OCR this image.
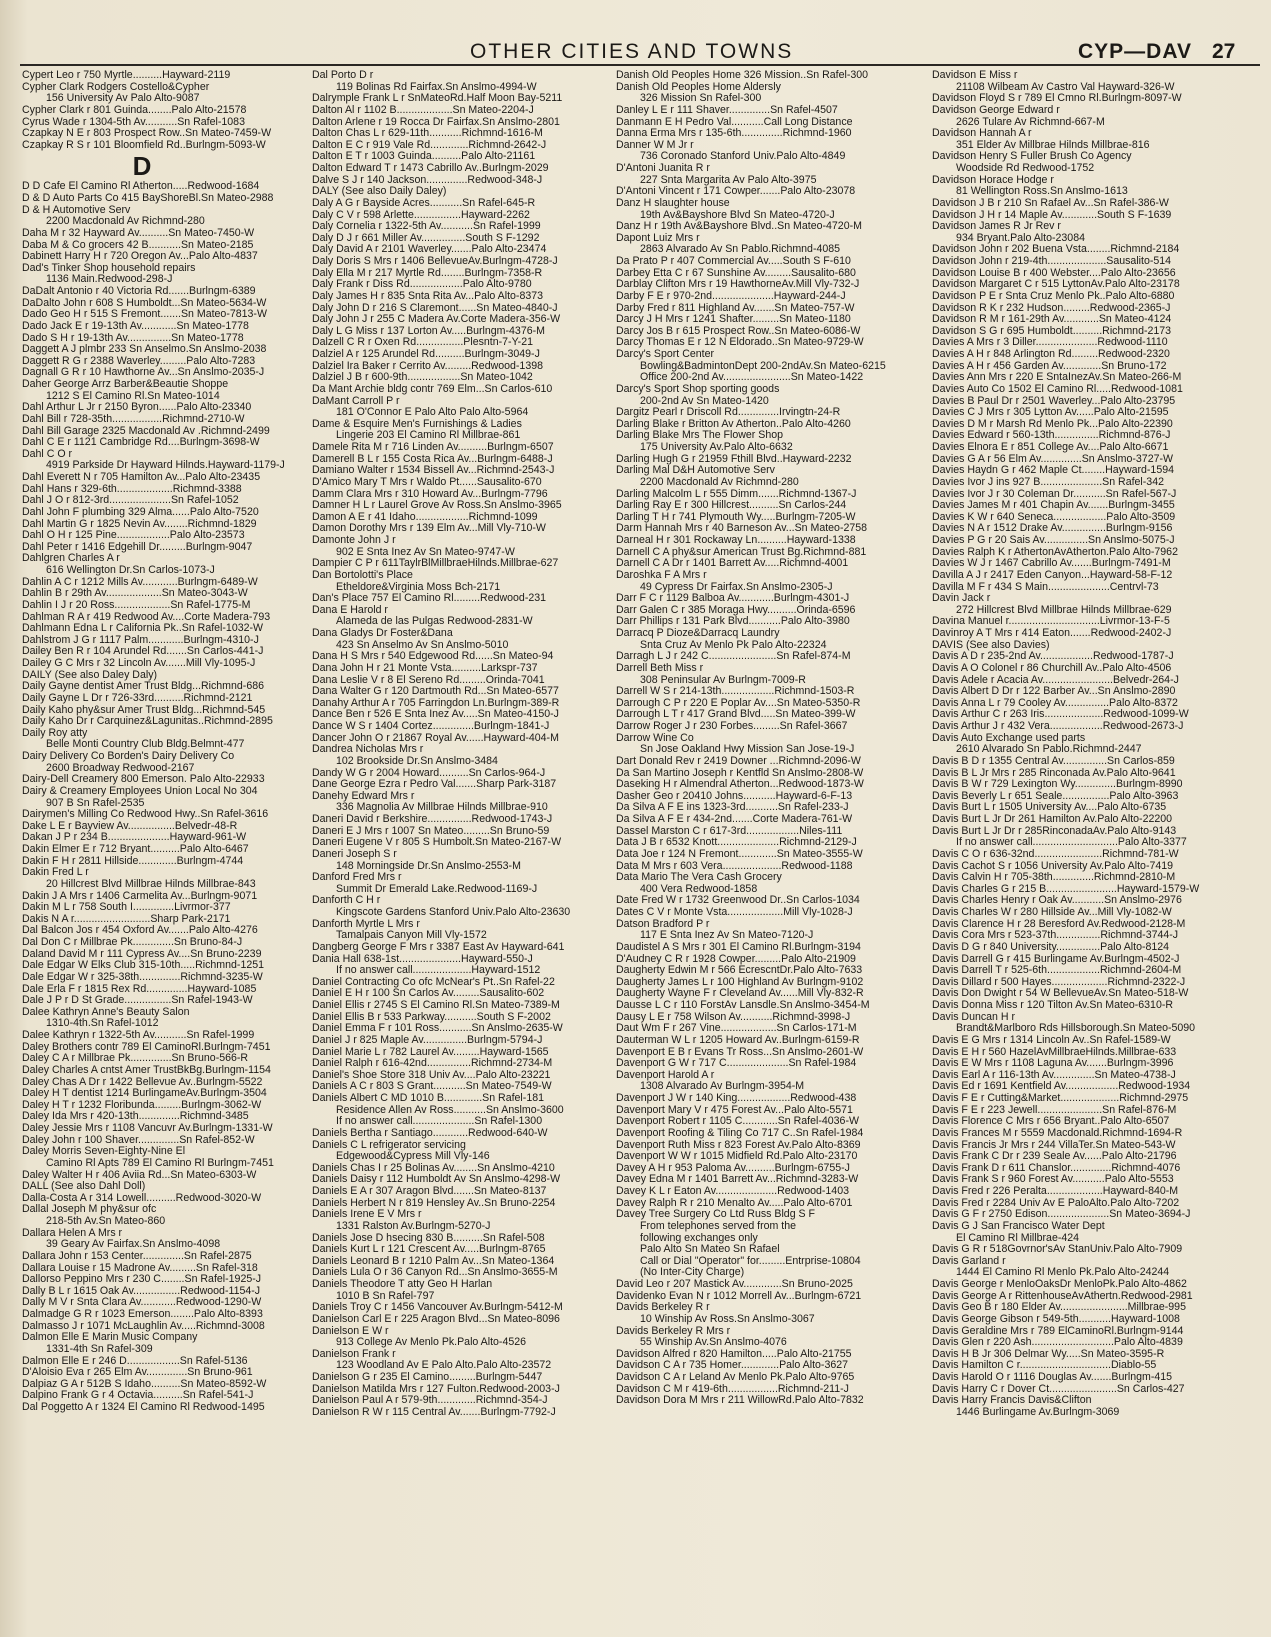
OTHER CITIES AND TOWNS	CYP—DAV 27
Cypert Leo r 750 Myrtle..........Hayward-2119
Cypher Clark Rodgers Costello&Cypher
156 University Av Palo Alto-9087
Cypher Clark r 801 Guinda........Palo Alto-21578
Cyrus Wade r 1304-5th Av...........Sn Rafel-1083
Czapkay N E r 803 Prospect Row..Sn Mateo-7459-W
Czapkay R S r 101 Bloomfield Rd..Burlngm-5093-W
D
D D Cafe El Camino Rl Atherton.....Redwood-1684
D & D Auto Parts Co 415 BayShoreBl.Sn Mateo-2988
D & H Automotive Serv
2200 Macdonald Av Richmnd-280
Daha M r 32 Hayward Av..........Sn Mateo-7450-W
Daba M & Co grocers 42 B...........Sn Mateo-2185
Dabinett Harry H r 720 Oregon Av...Palo Alto-4837
Dad's Tinker Shop household repairs
1136 Main.Redwood-298-J
DaDalt Antonio r 40 Victoria Rd.......Burlngm-6389
DaDalto John r 608 S Humboldt...Sn Mateo-5634-W
Dado Geo H r 515 S Fremont.......Sn Mateo-7813-W
Dado Jack E r 19-13th Av............Sn Mateo-1778
Dado S H r 19-13th Av...............Sn Mateo-1778
Daggett A J plmbr 233 Sn Anselmo.Sn Anslmo-2038
Daggett R G r 2388 Waverley.........Palo Alto-7283
Dagnall G R r 10 Hawthorne Av...Sn Anslmo-2035-J
Daher George Arrz Barber&Beautie Shoppe
1212 S El Camino Rl.Sn Mateo-1014
Dahl Arthur L Jr r 2150 Byron......Palo Alto-23340
Dahl Bill r 728-35th.................Richmnd-2710-W
Dahl Bill Garage 2325 Macdonald Av .Richmnd-2499
Dahl C E r 1121 Cambridge Rd....Burlngm-3698-W
Dahl C O r
4919 Parkside Dr Hayward Hilnds.Hayward-1179-J
Dahl Everett N r 705 Hamilton Av...Palo Alto-23435
Dahl Hans r 329-6th...................Richmnd-3388
Dahl J O r 812-3rd.....................Sn Rafel-1052
Dahl John F plumbing 329 Alma......Palo Alto-7520
Dahl Martin G r 1825 Nevin Av........Richmnd-1829
Dahl O H r 125 Pine..................Palo Alto-23573
Dahl Peter r 1416 Edgehill Dr.........Burlngm-9047
Dahlgren Charles A r
616 Wellington Dr.Sn Carlos-1073-J
Dahlin A C r 1212 Mills Av............Burlngm-6489-W
Dahlin B r 29th Av...................Sn Mateo-3043-W
Dahlin I J r 20 Ross...................Sn Rafel-1775-M
Dahlman R A r 419 Redwood Av....Corte Madera-793
Dahlmann Edna L r California Pk..Sn Rafel-1032-W
Dahlstrom J G r 1117 Palm............Burlngm-4310-J
Dailey Ben R r 104 Arundel Rd.......Sn Carlos-441-J
Dailey G C Mrs r 32 Lincoln Av.......Mill Vly-1095-J
DAILY (See also Daley Daly)
Daily Gayne dentist Amer Trust Bldg...Richmnd-686
Daily Gayne L Dr r 726-33rd..........Richmnd-2121
Daily Kaho phy&sur Amer Trust Bldg...Richmnd-545
Daily Kaho Dr r Carquinez&Lagunitas..Richmnd-2895
Daily Roy atty
Belle Monti Country Club Bldg.Belmnt-477
Dairy Delivery Co Borden's Dairy Delivery Co
2600 Broadway Redwood-2167
Dairy-Dell Creamery 800 Emerson. Palo Alto-22933
Dairy & Creamery Employees Union Local No 304
907 B Sn Rafel-2535
Dairymen's Milling Co Redwood Hwy..Sn Rafel-3616
Dake L E r Bayview Av................Belvedr-48-R
Dakan J P r 234 B.....................Hayward-961-W
Dakin Elmer E r 712 Bryant..........Palo Alto-6467
Dakin F H r 2811 Hillside.............Burlngm-4744
Dakin Fred L r
20 Hillcrest Blvd Millbrae Hilnds Millbrae-843
Dakin J A Mrs r 1406 Carmelita Av...Burlngm-9071
Dakin M L r 758 South I..............Livrmor-377
Dakis N A r..........................Sharp Park-2171
Dal Balcon Jos r 454 Oxford Av.......Palo Alto-4276
Dal Don C r Millbrae Pk..............Sn Bruno-84-J
Daland David M r 111 Cypress Av....Sn Bruno-2239
Dale Edgar W Elks Club 315-10th.....Richmnd-1251
Dale Edgar W r 325-38th..............Richmnd-3235-W
Dale Erla F r 1815 Rex Rd..............Hayward-1085
Dale J P r D St Grade................Sn Rafel-1943-W
Dalee Kathryn Anne's Beauty Salon
1310-4th.Sn Rafel-1012
Dalee Kathryn r 1322-5th Av...........Sn Rafel-1999
Daley Brothers contr 789 El CaminoRl.Burlngm-7451
Daley C A r Millbrae Pk..............Sn Bruno-566-R
Daley Charles A cntst Amer TrustBkBg.Burlngm-1154
Daley Chas A Dr r 1422 Bellevue Av..Burlngm-5522
Daley H T dentist 1214 BurlingameAv.Burlngm-3504
Daley H T r 1232 Floribunda.........Burlngm-3062-W
Daley Ida Mrs r 420-13th..............Richmnd-3485
Daley Jessie Mrs r 1108 Vancuvr Av.Burlngm-1331-W
Daley John r 100 Shaver..............Sn Rafel-852-W
Daley Morris Seven-Eighty-Nine El
Camino Rl Apts 789 El Camino Rl Burlngm-7451
Daley Walter H r 406 Aviia Rd...Sn Mateo-6303-W
DALL (See also Dahl Doll)
Dalla-Costa A r 314 Lowell..........Redwood-3020-W
Dallal Joseph M phy&sur ofc
218-5th Av.Sn Mateo-860
Dallara Helen A Mrs r
39 Geary Av Fairfax.Sn Anslmo-4098
Dallara John r 153 Center..............Sn Rafel-2875
Dallara Louise r 15 Madrone Av.........Sn Rafel-318
Dallorso Peppino Mrs r 230 C........Sn Rafel-1925-J
Dally B L r 1615 Oak Av................Redwood-1154-J
Dally M V r Snta Clara Av............Redwood-1290-W
Dalmadge G R r 1023 Emerson........Palo Alto-8393
Dalmasso J r 1071 McLaughlin Av.....Richmnd-3008
Dalmon Elle E Marin Music Company
1331-4th Sn Rafel-309
Dalmon Elle E r 246 D..................Sn Rafel-5136
D'Aloisio Eva r 265 Elm Av..............Sn Bruno-961
Dalpiaz G A r 512B S Idaho..........Sn Mateo-8592-W
Dalpino Frank G r 4 Octavia..........Sn Rafel-541-J
Dal Poggetto A r 1324 El Camino Rl Redwood-1495
Dal Porto D r
119 Bolinas Rd Fairfax.Sn Anslmo-4994-W
Dalrymple Frank L r SnMateoRd.Half Moon Bay-5211
Dalton Al r 1102 B...................Sn Mateo-2204-J
Dalton Arlene r 19 Rocca Dr Fairfax.Sn Anslmo-2801
Dalton Chas L r 629-11th...........Richmnd-1616-M
Dalton E C r 919 Vale Rd.............Richmnd-2642-J
Dalton E T r 1003 Guinda..........Palo Alto-21161
Dalton Edward T r 1473 Cabrillo Av..Burlngm-2029
Dalve S J r 140 Jackson..............Redwood-348-J
DALY (See also Daily Daley)
Daly A G r Bayside Acres...........Sn Rafel-645-R
Daly C V r 598 Arlette................Hayward-2262
Daly Cornelia r 1322-5th Av...........Sn Rafel-1999
Daly D J r 661 Miller Av...............South S F-1292
Daly David A r 2101 Waverley.......Palo Alto-23474
Daly Doris S Mrs r 1406 BellevueAv.Burlngm-4728-J
Daly Ella M r 217 Myrtle Rd........Burlngm-7358-R
Daly Frank r Diss Rd..................Palo Alto-9780
Daly James H r 835 Snta Rita Av...Palo Alto-8373
Daly John D r 216 S Claremont......Sn Mateo-4840-J
Daly John J r 255 C Madera Av.Corte Madera-356-W
Daly L G Miss r 137 Lorton Av.....Burlngm-4376-M
Dalzell C R r Oxen Rd................Plesntn-7-Y-21
Dalziel A r 125 Arundel Rd..........Burlngm-3049-J
Dalziel Ira Baker r Cerrito Av.........Redwood-1398
Dalziel J B r 600-9th..................Sn Mateo-1042
Da Mant Archie bldg contr 769 Elm...Sn Carlos-610
DaMant Carroll P r
181 O'Connor E Palo Alto Palo Alto-5964
Dame & Esquire Men's Furnishings & Ladies
Lingerie 203 El Camino Rl Millbrae-861
Damele Rita M r 716 Linden Av..........Burlngm-6507
Damerell B L r 155 Costa Rica Av...Burlngm-6488-J
Damiano Walter r 1534 Bissell Av...Richmnd-2543-J
D'Amico Mary T Mrs r Waldo Pt......Sausalito-670
Damm Clara Mrs r 310 Howard Av...Burlngm-7796
Damner H L r Laurel Grove Av Ross.Sn Anslmo-3965
Damon A E r 41 Idaho..................Richmnd-1099
Damon Dorothy Mrs r 139 Elm Av...Mill Vly-710-W
Damonte John J r
902 E Snta Inez Av Sn Mateo-9747-W
Dampier C P r 611TaylrBlMillbraeHilnds.Millbrae-627
Dan Bortolotti's Place
Etheldore&Virginia Moss Bch-2171
Dan's Place 757 El Camino Rl.........Redwood-231
Dana E Harold r
Alameda de las Pulgas Redwood-2831-W
Dana Gladys Dr Foster&Dana
423 Sn Anselmo Av Sn Anslmo-5010
Dana H S Mrs r 540 Edgewood Rd......Sn Mateo-94
Dana John H r 21 Monte Vsta..........Larkspr-737
Dana Leslie V r 8 El Sereno Rd.........Orinda-7041
Dana Walter G r 120 Dartmouth Rd...Sn Mateo-6577
Danahy Arthur A r 705 Farringdon Ln.Burlngm-389-R
Dance Ben r 526 E Snta Inez Av.....Sn Mateo-4150-J
Dance W S r 1404 Cortez..............Burlngm-1841-J
Dancer John O r 21867 Royal Av......Hayward-404-M
Dandrea Nicholas Mrs r
102 Brookside Dr.Sn Anslmo-3484
Dandy W G r 2004 Howard..........Sn Carlos-964-J
Dane George Ezra r Pedro Val.......Sharp Park-3187
Danehy Edward Mrs r
336 Magnolia Av Millbrae Hilnds Millbrae-910
Daneri David r Berkshire...............Redwood-1743-J
Daneri E J Mrs r 1007 Sn Mateo.........Sn Bruno-59
Daneri Eugene V r 805 S Humbolt.Sn Mateo-2167-W
Daneri Joseph S r
148 Morningside Dr.Sn Anslmo-2553-M
Danford Fred Mrs r
Summit Dr Emerald Lake.Redwood-1169-J
Danforth C H r
Kingscote Gardens Stanford Univ.Palo Alto-23630
Danforth Myrtle L Mrs r
Tamalpais Canyon Mill Vly-1572
Dangberg George F Mrs r 3387 East Av Hayward-641
Dania Hall 638-1st.....................Hayward-550-J
If no answer call....................Hayward-1512
Daniel Contracting Co ofc McNear's Pt..Sn Rafel-22
Daniel E H r 100 Sn Carlos Av.........Sausalito-602
Daniel Ellis r 2745 S El Camino Rl.Sn Mateo-7389-M
Daniel Ellis B r 533 Parkway...........South S F-2002
Daniel Emma F r 101 Ross...........Sn Anslmo-2635-W
Daniel J r 825 Maple Av...............Burlngm-5794-J
Daniel Marie L r 782 Laurel Av.........Hayward-1565
Daniel Ralph r 616-42nd...............Richmnd-2734-M
Daniel's Shoe Store 318 Univ Av....Palo Alto-23221
Daniels A C r 803 S Grant...........Sn Mateo-7549-W
Daniels Albert C MD 1010 B.............Sn Rafel-181
Residence Allen Av Ross...........Sn Anslmo-3600
If no answer call.....................Sn Rafel-1300
Daniels Bertha r Santiago............Redwood-640-W
Daniels C L refrigerator servicing
Edgewood&Cypress Mill Vly-146
Daniels Chas I r 25 Bolinas Av........Sn Anslmo-4210
Daniels Daisy r 112 Humboldt Av Sn Anslmo-4298-W
Daniels E A r 307 Aragon Blvd.......Sn Mateo-8137
Daniels Herbert N r 819 Hensley Av..Sn Bruno-2254
Daniels Irene E V Mrs r
1331 Ralston Av.Burlngm-5270-J
Daniels Jose D hsecing 830 B..........Sn Rafel-508
Daniels Kurt L r 121 Crescent Av.....Burlngm-8765
Daniels Leonard B r 1210 Palm Av...Sn Mateo-1364
Daniels Lula O r 36 Canyon Rd...Sn Anslmo-3655-M
Daniels Theodore T atty Geo H Harlan
1010 B Sn Rafel-797
Daniels Troy C r 1456 Vancouver Av.Burlngm-5412-M
Danielson Carl E r 225 Aragon Blvd...Sn Mateo-8096
Danielson E W r
913 College Av Menlo Pk.Palo Alto-4526
Danielson Frank r
123 Woodland Av E Palo Alto.Palo Alto-23572
Danielson G r 235 El Camino.........Burlngm-5447
Danielson Matilda Mrs r 127 Fulton.Redwood-2003-J
Danielson Paul A r 579-9th.............Richmnd-354-J
Danielson R W r 115 Central Av.......Burlngm-7792-J
Danish Old Peoples Home 326 Mission..Sn Rafel-300
Danish Old Peoples Home Aldersly
326 Mission Sn Rafel-300
Danley L E r 111 Shaver..............Sn Rafel-4507
Danmann E H Pedro Val...........Call Long Distance
Danna Erma Mrs r 135-6th..............Richmnd-1960
Danner W M Jr r
736 Coronado Stanford Univ.Palo Alto-4849
D'Antoni Juanita R r
227 Snta Margarita Av Palo Alto-3975
D'Antoni Vincent r 171 Cowper.......Palo Alto-23078
Danz H slaughter house
19th Av&Bayshore Blvd Sn Mateo-4720-J
Danz H r 19th Av&Bayshore Blvd..Sn Mateo-4720-M
Dapont Luiz Mrs r
2863 Alvarado Av Sn Pablo.Richmnd-4085
Da Prato P r 407 Commercial Av.....South S F-610
Darbey Etta C r 67 Sunshine Av.........Sausalito-680
Darblay Clifton Mrs r 19 HawthorneAv.Mill Vly-732-J
Darby F E r 970-2nd.....................Hayward-244-J
Darby Fred r 811 Highland Av.......Sn Mateo-757-W
Darcy J H Mrs r 1241 Shafter.........Sn Mateo-1180
Darcy Jos B r 615 Prospect Row..Sn Mateo-6086-W
Darcy Thomas E r 12 N Eldorado..Sn Mateo-9729-W
Darcy's Sport Center
Bowling&BadmintonDept 200-2ndAv.Sn Mateo-6215
Office 200-2nd Av.......................Sn Mateo-1422
Darcy's Sport Shop sporting goods
200-2nd Av Sn Mateo-1420
Dargitz Pearl r Driscoll Rd..............Irvingtn-24-R
Darling Blake r Britton Av Atherton..Palo Alto-4260
Darling Blake Mrs The Flower Shop
175 University Av.Palo Alto-6632
Darling Hugh G r 21959 Fthill Blvd..Hayward-2232
Darling Mal D&H Automotive Serv
2200 Macdonald Av Richmnd-280
Darling Malcolm L r 555 Dimm.......Richmnd-1367-J
Darling Ray E r 300 Hillcrest..........Sn Carlos-244
Darling T H r 741 Plymouth Wy.....Burlngm-7205-W
Darm Hannah Mrs r 40 Barneson Av...Sn Mateo-2758
Darneal H r 301 Rockaway Ln..........Hayward-1338
Darnell C A phy&sur American Trust Bg.Richmnd-881
Darnell C A Dr r 1401 Barrett Av.....Richmnd-4001
Daroshka F A Mrs r
49 Cypress Dr Fairfax.Sn Anslmo-2305-J
Darr F C r 1129 Balboa Av............Burlngm-4301-J
Darr Galen C r 385 Moraga Hwy..........Orinda-6596
Darr Phillips r 131 Park Blvd...........Palo Alto-3980
Darracq P Dioze&Darracq Laundry
Snta Cruz Av Menlo Pk Palo Alto-22324
Darragh L J r 242 C.......................Sn Rafel-874-M
Darrell Beth Miss r
308 Peninsular Av Burlngm-7009-R
Darrell W S r 214-13th..................Richmnd-1503-R
Darrough C P r 220 E Poplar Av....Sn Mateo-5350-R
Darrough L T r 417 Grand Blvd.....Sn Mateo-399-W
Darrow Roger J r 230 Forbes.........Sn Rafel-3667
Darrow Wine Co
Sn Jose Oakland Hwy Mission San Jose-19-J
Dart Donald Rev r 2419 Downer ...Richmnd-2096-W
Da San Martino Joseph r Kentfld Sn Anslmo-2808-W
Daseking H r Almendral Atherton...Redwood-1873-W
Dasher Geo r 20410 Johns...........Hayward-6-F-13
Da Silva A F E ins 1323-3rd...........Sn Rafel-233-J
Da Silva A F E r 434-2nd.......Corte Madera-761-W
Dassel Marston C r 617-3rd..................Niles-111
Data J B r 6532 Knott.....................Richmnd-2129-J
Data Joe r 124 N Fremont.............Sn Mateo-3555-W
Data M Mrs r 603 Vera....................Redwood-1188
Data Mario The Vera Cash Grocery
400 Vera Redwood-1858
Date Fred W r 1732 Greenwood Dr..Sn Carlos-1034
Dates C V r Monte Vsta...................Mill Vly-1028-J
Datson Bradford P r
117 E Snta Inez Av Sn Mateo-7120-J
Daudistel A S Mrs r 301 El Camino Rl.Burlngm-3194
D'Audney C R r 1928 Cowper.........Palo Alto-21909
Daugherty Edwin M r 566 EcrescntDr.Palo Alto-7633
Daugherty James L r 100 Highland Av Burlngm-9102
Daugherty Wayne F r Cleveland Av......Mill Vly-832-R
Dausse L C r 110 ForstAv Lansdle.Sn Anslmo-3454-M
Dausy L E r 758 Wilson Av...........Richmnd-3998-J
Daut Wm F r 267 Vine...................Sn Carlos-171-M
Dauterman W L r 1205 Howard Av..Burlngm-6159-R
Davenport E B r Evans Tr Ross...Sn Anslmo-2601-W
Davenport G W r 717 C.....................Sn Rafel-1984
Davenport Harold A r
1308 Alvarado Av Burlngm-3954-M
Davenport J W r 140 King..................Redwood-438
Davenport Mary V r 475 Forest Av...Palo Alto-5571
Davenport Robert r 1105 C............Sn Rafel-4036-W
Davenport Roofing & Tiling Co 717 C..Sn Rafel-1984
Davenport Ruth Miss r 823 Forest Av.Palo Alto-8369
Davenport W W r 1015 Midfield Rd.Palo Alto-23170
Davey A H r 953 Paloma Av..........Burlngm-6755-J
Davey Edna M r 1401 Barrett Av...Richmnd-3283-W
Davey K L r Eaton Av.....................Redwood-1403
Davey Ralph R r 210 Menalto Av.....Palo Alto-6701
Davey Tree Surgery Co Ltd Russ Bldg S F
From telephones served from the
following exchanges only
Palo Alto Sn Mateo Sn Rafael
Call or Dial "Operator" for.........Entrprise-10804
(No Inter-City Charge)
David Leo r 207 Mastick Av.............Sn Bruno-2025
Davidenko Evan N r 1012 Morrell Av...Burlngm-6721
Davids Berkeley R r
10 Winship Av Ross.Sn Anslmo-3067
Davids Berkeley R Mrs r
55 Winship Av.Sn Anslmo-4076
Davidson Alfred r 820 Hamilton.....Palo Alto-21755
Davidson C A r 735 Homer.............Palo Alto-3627
Davidson C A r Leland Av Menlo Pk.Palo Alto-9765
Davidson C M r 419-6th.................Richmnd-211-J
Davidson Dora M Mrs r 211 WillowRd.Palo Alto-7832
Davidson E Miss r
21108 Wilbeam Av Castro Val Hayward-326-W
Davidson Floyd S r 789 El Cmno Rl.Burlngm-8097-W
Davidson George Edward r
2626 Tulare Av Richmnd-667-M
Davidson Hannah A r
351 Elder Av Millbrae Hilnds Millbrae-816
Davidson Henry S Fuller Brush Co Agency
Woodside Rd Redwood-1752
Davidson Horace Hodge r
81 Wellington Ross.Sn Anslmo-1613
Davidson J B r 210 Sn Rafael Av...Sn Rafel-386-W
Davidson J H r 14 Maple Av............South S F-1639
Davidson James R Jr Rev r
934 Bryant.Palo Alto-23084
Davidson John r 202 Buena Vsta........Richmnd-2184
Davidson John r 219-4th....................Sausalito-514
Davidson Louise B r 400 Webster....Palo Alto-23656
Davidson Margaret C r 515 LyttonAv.Palo Alto-23178
Davidson P E r Snta Cruz Menlo Pk..Palo Alto-6880
Davidson R K r 232 Hudson.........Redwood-2365-J
Davidson R M r 161-29th Av............Sn Mateo-4124
Davidson S G r 695 Humboldt..........Richmnd-2173
Davies A Mrs r 3 Diller.....................Redwood-1110
Davies A H r 848 Arlington Rd.........Redwood-2320
Davies A H r 456 Garden Av.............Sn Bruno-172
Davies Ann Mrs r 220 E SntaInezAv.Sn Mateo-266-M
Davies Auto Co 1502 El Camino Rl.....Redwood-1081
Davies B Paul Dr r 2501 Waverley...Palo Alto-23795
Davies C J Mrs r 305 Lytton Av......Palo Alto-21595
Davies D M r Marsh Rd Menlo Pk...Palo Alto-22390
Davies Edward r 560-13th...............Richmnd-876-J
Davies Elnora E r 851 College Av....Palo Alto-6671
Davies G A r 56 Elm Av..............Sn Anslmo-3727-W
Davies Haydn G r 462 Maple Ct........Hayward-1594
Davies Ivor J ins 927 B.....................Sn Rafel-342
Davies Ivor J r 30 Coleman Dr...........Sn Rafel-567-J
Davies James M r 401 Chapin Av.......Burlngm-3455
Davies K W r 640 Seneca..................Palo Alto-3509
Davies N A r 1512 Drake Av...............Burlngm-9156
Davies P G r 20 Sais Av...............Sn Anslmo-5075-J
Davies Ralph K r AthertonAvAtherton.Palo Alto-7962
Davies W J r 1467 Cabrillo Av.......Burlngm-7491-M
Davilla A J r 2417 Eden Canyon...Hayward-58-F-12
Davilla M F r 434 S Main.....................Centrvl-73
Davin Jack r
272 Hillcrest Blvd Millbrae Hilnds Millbrae-629
Davina Manuel r...............................Livrmor-13-F-5
Davinroy A T Mrs r 414 Eaton.......Redwood-2402-J
DAVIS (See also Davies)
Davis A D r 235-2nd Av..................Redwood-1787-J
Davis A O Colonel r 86 Churchill Av..Palo Alto-4506
Davis Adele r Acacia Av........................Belvedr-264-J
Davis Albert D Dr r 122 Barber Av...Sn Anslmo-2890
Davis Anna L r 79 Cooley Av...............Palo Alto-8372
Davis Arthur C r 263 Iris....................Redwood-1099-W
Davis Arthur J r 432 Vera..................Redwood-2673-J
Davis Auto Exchange used parts
2610 Alvarado Sn Pablo.Richmnd-2447
Davis B D r 1355 Central Av...............Sn Carlos-859
Davis B L Jr Mrs r 285 Rinconada Av.Palo Alto-9641
Davis B W r 729 Lexington Wy..............Burlngm-8990
Davis Beverly L r 651 Seale................Palo Alto-3963
Davis Burt L r 1505 University Av....Palo Alto-6735
Davis Burt L Jr Dr 261 Hamilton Av.Palo Alto-22200
Davis Burt L Jr Dr r 285RinconadaAv.Palo Alto-9143
If no answer call.............................Palo Alto-3377
Davis C O r 636-32nd.......................Richmnd-781-W
Davis Cachot S r 1056 University Av.Palo Alto-7419
Davis Calvin H r 705-38th..............Richmnd-2810-M
Davis Charles G r 215 B........................Hayward-1579-W
Davis Charles Henry r Oak Av...........Sn Anslmo-2976
Davis Charles W r 280 Hillside Av...Mill Vly-1082-W
Davis Clarence H r 28 Beresford Av.Redwood-2128-M
Davis Cora Mrs r 523-37th...............Richmnd-3744-J
Davis D G r 840 University...............Palo Alto-8124
Davis Darrell G r 415 Burlingame Av.Burlngm-4502-J
Davis Darrell T r 525-6th..................Richmnd-2604-M
Davis Dillard r 500 Hayes...................Richmnd-2322-J
Davis Don Dwight r 54 W BellevueAv.Sn Mateo-518-W
Davis Donna Miss r 120 Tilton Av.Sn Mateo-6310-R
Davis Duncan H r
Brandt&Marlboro Rds Hillsborough.Sn Mateo-5090
Davis E G Mrs r 1314 Lincoln Av..Sn Rafel-1589-W
Davis E H r 560 HazelAvMillbraeHilnds.Millbrae-633
Davis E W Mrs r 1108 Laguna Av.......Burlngm-3996
Davis Earl A r 116-13th Av..............Sn Mateo-4738-J
Davis Ed r 1691 Kentfield Av..................Redwood-1934
Davis F E r Cutting&Market....................Richmnd-2975
Davis F E r 223 Jewell......................Sn Rafel-876-M
Davis Florence C Mrs r 656 Bryant..Palo Alto-6507
Davis Frances M r 5559 Macdonald.Richmnd-1694-R
Davis Francis Jr Mrs r 244 VillaTer.Sn Mateo-543-W
Davis Frank C Dr r 239 Seale Av......Palo Alto-21796
Davis Frank D r 611 Chanslor..............Richmnd-4076
Davis Frank S r 960 Forest Av...........Palo Alto-5553
Davis Fred r 226 Peralta...................Hayward-840-M
Davis Fred r 2284 Univ Av E PaloAlto.Palo Alto-7202
Davis G F r 2750 Edison.....................Sn Mateo-3694-J
Davis G J San Francisco Water Dept
El Camino Rl Millbrae-424
Davis G R r 518Govrnor'sAv StanUniv.Palo Alto-7909
Davis Garland r
1444 El Camino Rl Menlo Pk.Palo Alto-24244
Davis George r MenloOaksDr MenloPk.Palo Alto-4862
Davis George A r RittenhouseAvAthertn.Redwood-2981
Davis Geo B r 180 Elder Av.......................Millbrae-995
Davis George Gibson r 549-5th...........Hayward-1008
Davis Geraldine Mrs r 789 ElCaminoRl.Burlngm-9144
Davis Glen r 220 Ash............................Palo Alto-4839
Davis H B Jr 306 Delmar Wy.....Sn Mateo-3595-R
Davis Hamilton C r...............................Diablo-55
Davis Harold O r 1116 Douglas Av.......Burlngm-415
Davis Harry C r Dover Ct.......................Sn Carlos-427
Davis Harry Francis Davis&Clifton
1446 Burlingame Av.Burlngm-3069
